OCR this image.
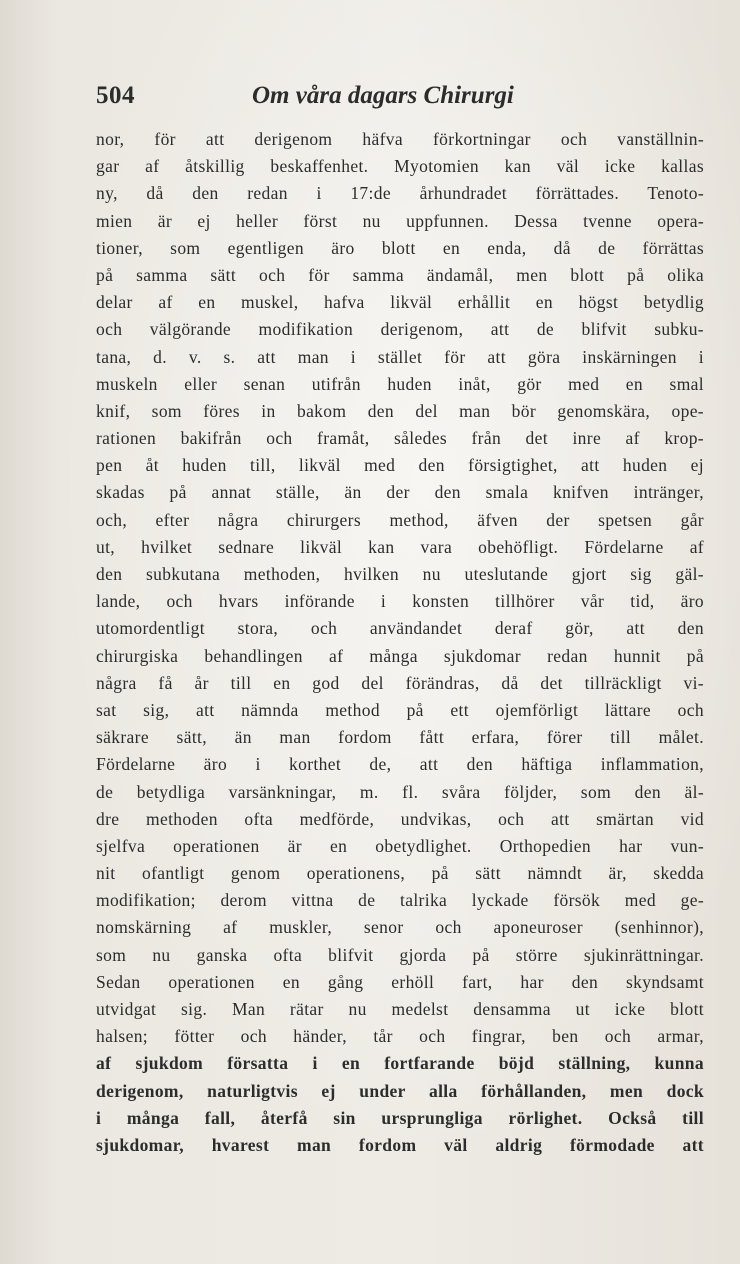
504	Om våra dagars Chirurgi
nor, för att derigenom häfva förkortningar och vanställnin-
gar af åtskillig beskaffenhet. Myotomien kan väl icke kallas
ny, då den redan i 17:de århundradet förrättades. Tenoto-
mien är ej heller först nu uppfunnen. Dessa tvenne opera-
tioner, som egentligen äro blott en enda, då de förrättas
på samma sätt och för samma ändamål, men blott på olika
delar af en muskel, hafva likväl erhållit en högst betydlig
och välgörande modifikation derigenom, att de blifvit subku-
tana, d. v. s. att man i stället för att göra inskärningen i
muskeln eller senan utifrån huden inåt, gör med en smal
knif, som föres in bakom den del man bör genomskära, ope-
rationen bakifrån och framåt, således från det inre af krop-
pen åt huden till, likväl med den försigtighet, att huden ej
skadas på annat ställe, än der den smala knifven intränger,
och, efter några chirurgers method, äfven der spetsen går
ut, hvilket sednare likväl kan vara obehöfligt. Fördelarne af
den subkutana methoden, hvilken nu uteslutande gjort sig gäl-
lande, och hvars införande i konsten tillhörer vår tid, äro
utomordentligt stora, och användandet deraf gör, att den
chirurgiska behandlingen af många sjukdomar redan hunnit på
några få år till en god del förändras, då det tillräckligt vi-
sat sig, att nämnda method på ett ojemförligt lättare och
säkrare sätt, än man fordom fått erfara, förer till målet.
Fördelarne äro i korthet de, att den häftiga inflammation,
de betydliga varsänkningar, m. fl. svåra följder, som den äl-
dre methoden ofta medförde, undvikas, och att smärtan vid
sjelfva operationen är en obetydlighet. Orthopedien har vun-
nit ofantligt genom operationens, på sätt nämndt är, skedda
modifikation; derom vittna de talrika lyckade försök med ge-
nomskärning af muskler, senor och aponeuroser (senhinnor),
som nu ganska ofta blifvit gjorda på större sjukinrättningar.
Sedan operationen en gång erhöll fart, har den skyndsamt
utvidgat sig. Man rätar nu medelst densamma ut icke blott
halsen; fötter och händer, tår och fingrar, ben och armar,
af sjukdom försatta i en fortfarande böjd ställning, kunna
derigenom, naturligtvis ej under alla förhållanden, men dock
i många fall, återfå sin ursprungliga rörlighet. Också till
sjukdomar, hvarest man fordom väl aldrig förmodade att
